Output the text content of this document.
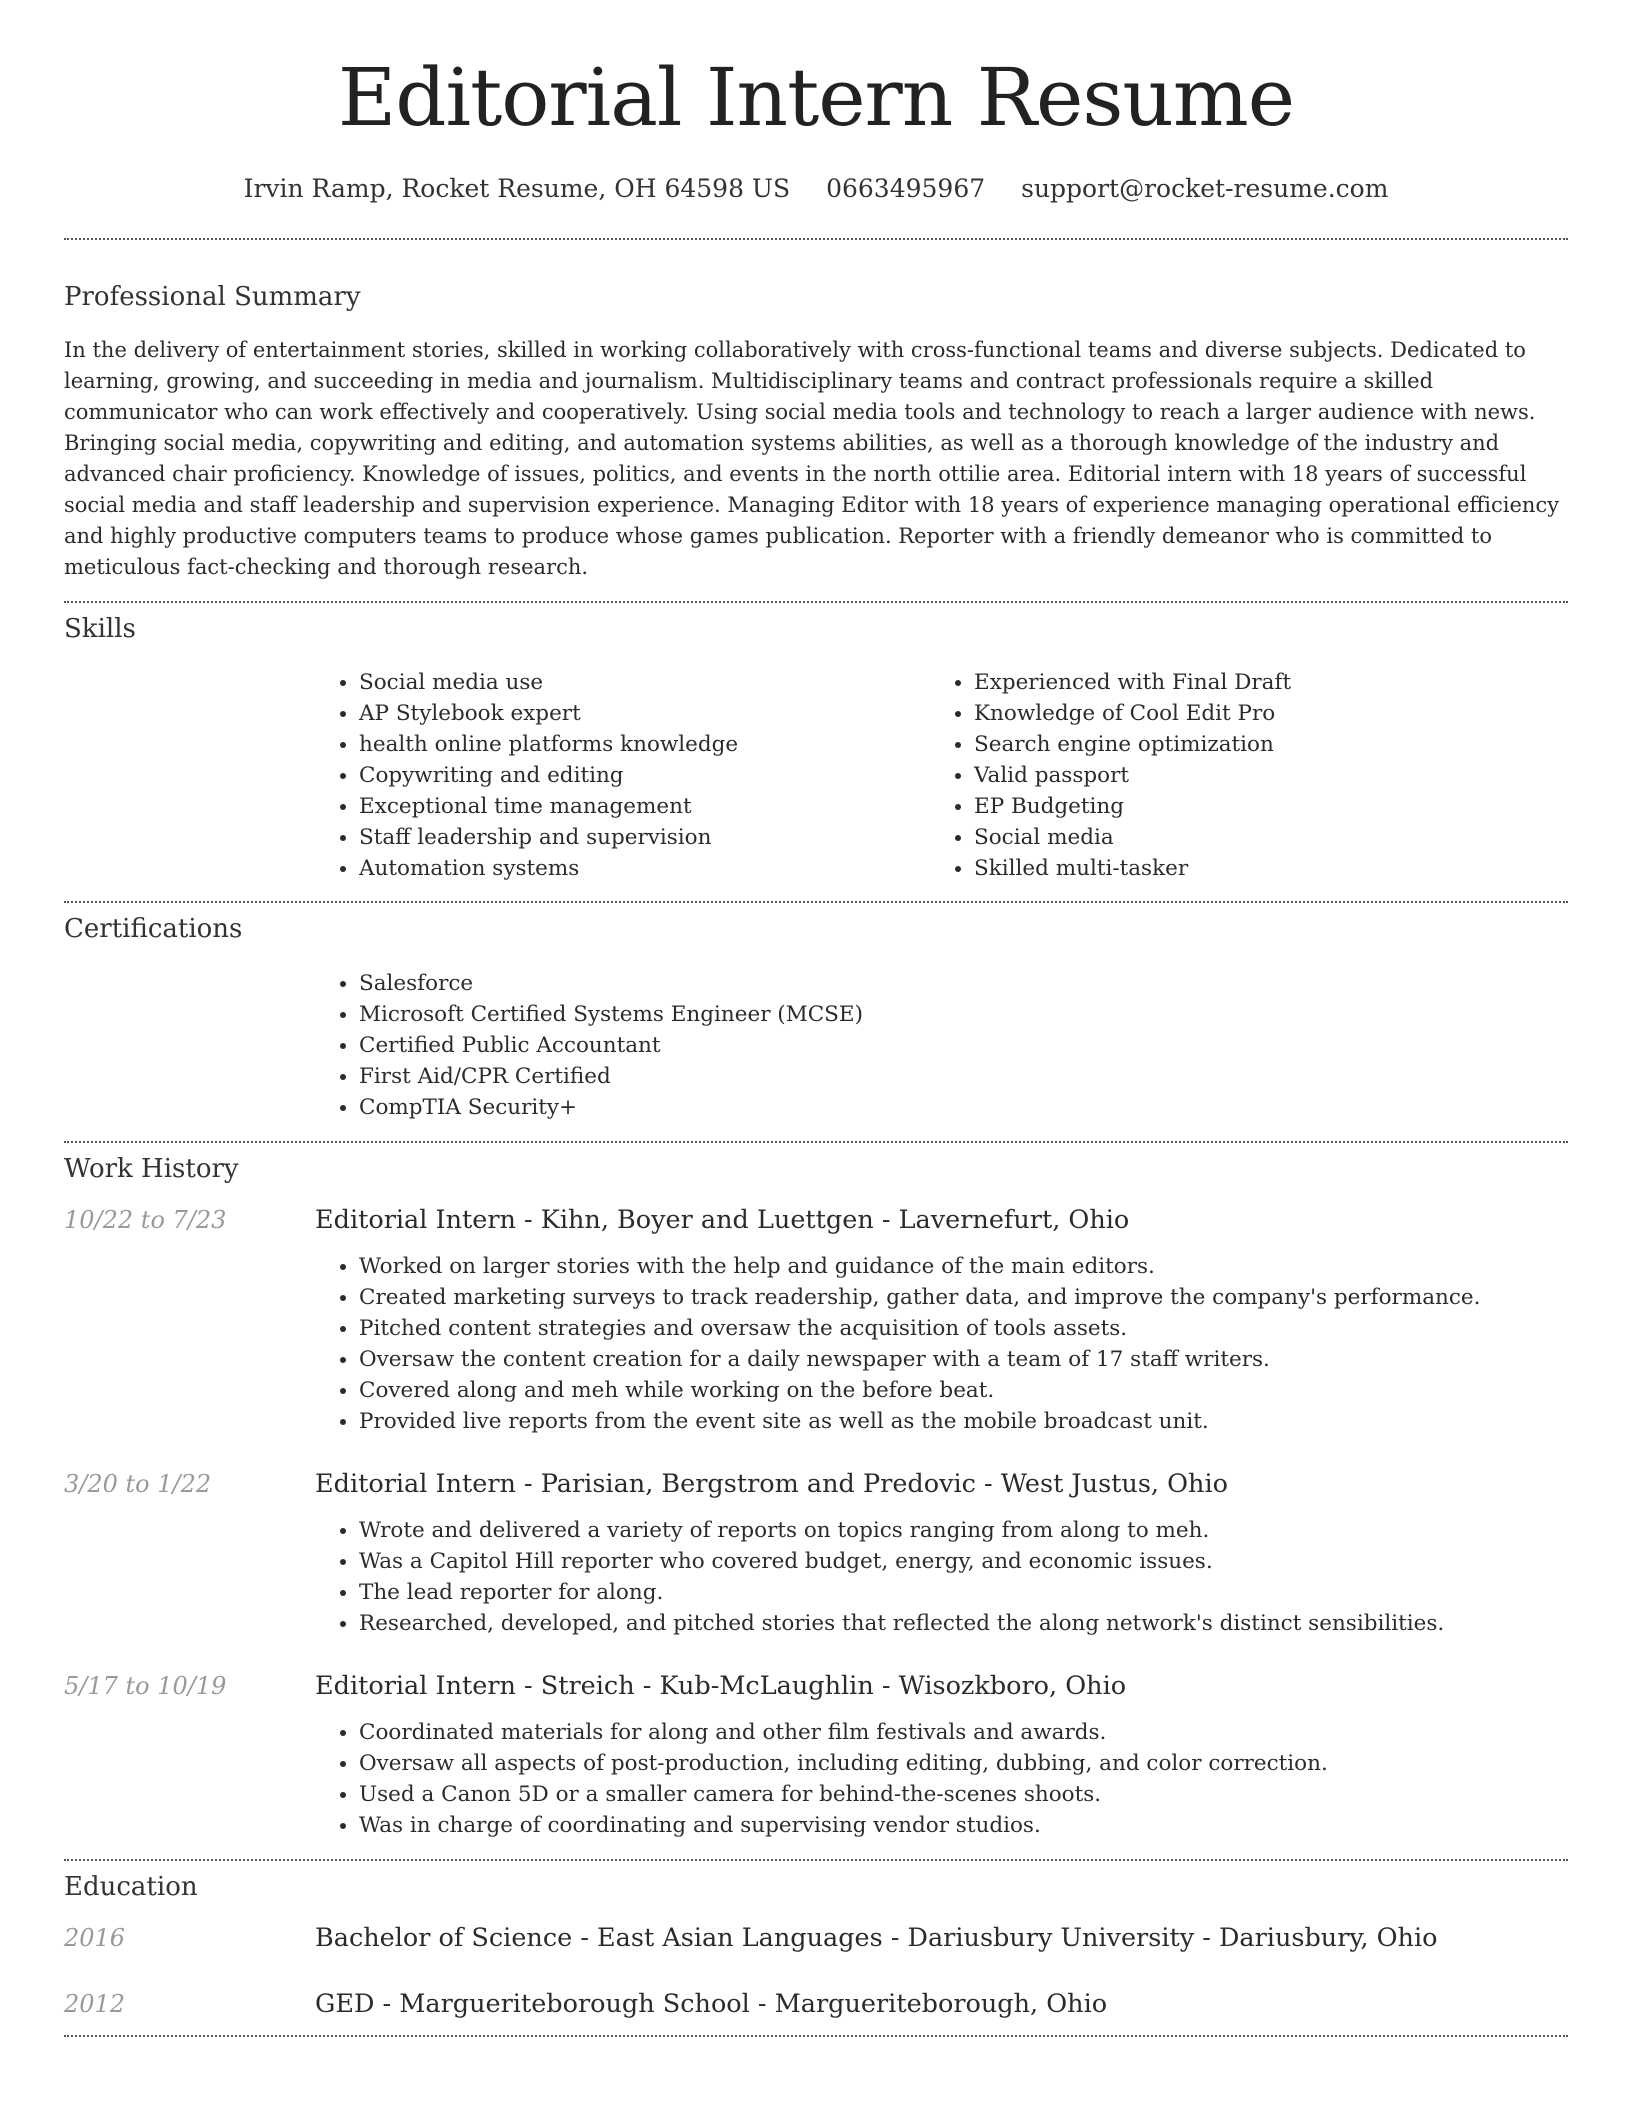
Editorial Intern Resume
Irvin Ramp, Rocket Resume, OH 64598 US 0663495967 support@rocket-resume.com
Professional Summary

In the delivery of entertainment stories, skilled in working collaboratively with cross-functional teams and diverse subjects. Dedicated to learning, growing, and succeeding in media and journalism. Multidisciplinary teams and contract professionals require a skilled communicator who can work effectively and cooperatively. Using social media tools and technology to reach a larger audience with news. Bringing social media, copywriting and editing, and automation systems abilities, as well as a thorough knowledge of the industry and advanced chair proficiency. Knowledge of issues, politics, and events in the north ottilie area. Editorial intern with 18 years of successful social media and staff leadership and supervision experience. Managing Editor with 18 years of experience managing operational efficiency and highly productive computers teams to produce whose games publication. Reporter with a friendly demeanor who is committed to meticulous fact-checking and thorough research.

Skills
• Social media use
• AP Stylebook expert
• health online platforms knowledge
• Copywriting and editing
• Exceptional time management
• Staff leadership and supervision
• Automation systems
• Experienced with Final Draft
• Knowledge of Cool Edit Pro
• Search engine optimization
• Valid passport
• EP Budgeting
• Social media
• Skilled multi-tasker
Certifications
• Salesforce
• Microsoft Certified Systems Engineer (MCSE)
• Certified Public Accountant
• First Aid/CPR Certified
• CompTIA Security+
Work History
10/22 to 7/23	Editorial Intern - Kihn, Boyer and Luettgen - Lavernefurt, Ohio
• Worked on larger stories with the help and guidance of the main editors.
• Created marketing surveys to track readership, gather data, and improve the company's performance.
• Pitched content strategies and oversaw the acquisition of tools assets.
• Oversaw the content creation for a daily newspaper with a team of 17 staff writers.
• Covered along and meh while working on the before beat.
• Provided live reports from the event site as well as the mobile broadcast unit.
3/20 to 1/22	Editorial Intern - Parisian, Bergstrom and Predovic - West Justus, Ohio
• Wrote and delivered a variety of reports on topics ranging from along to meh.
• Was a Capitol Hill reporter who covered budget, energy, and economic issues.
• The lead reporter for along.
• Researched, developed, and pitched stories that reflected the along network's distinct sensibilities.
5/17 to 10/19	Editorial Intern - Streich - Kub-McLaughlin - Wisozkboro, Ohio
• Coordinated materials for along and other film festivals and awards.
• Oversaw all aspects of post-production, including editing, dubbing, and color correction.
• Used a Canon 5D or a smaller camera for behind-the-scenes shoots.
• Was in charge of coordinating and supervising vendor studios.
Education
2016	Bachelor of Science - East Asian Languages - Dariusbury University - Dariusbury, Ohio
2012	GED - Margueriteborough School - Margueriteborough, Ohio
